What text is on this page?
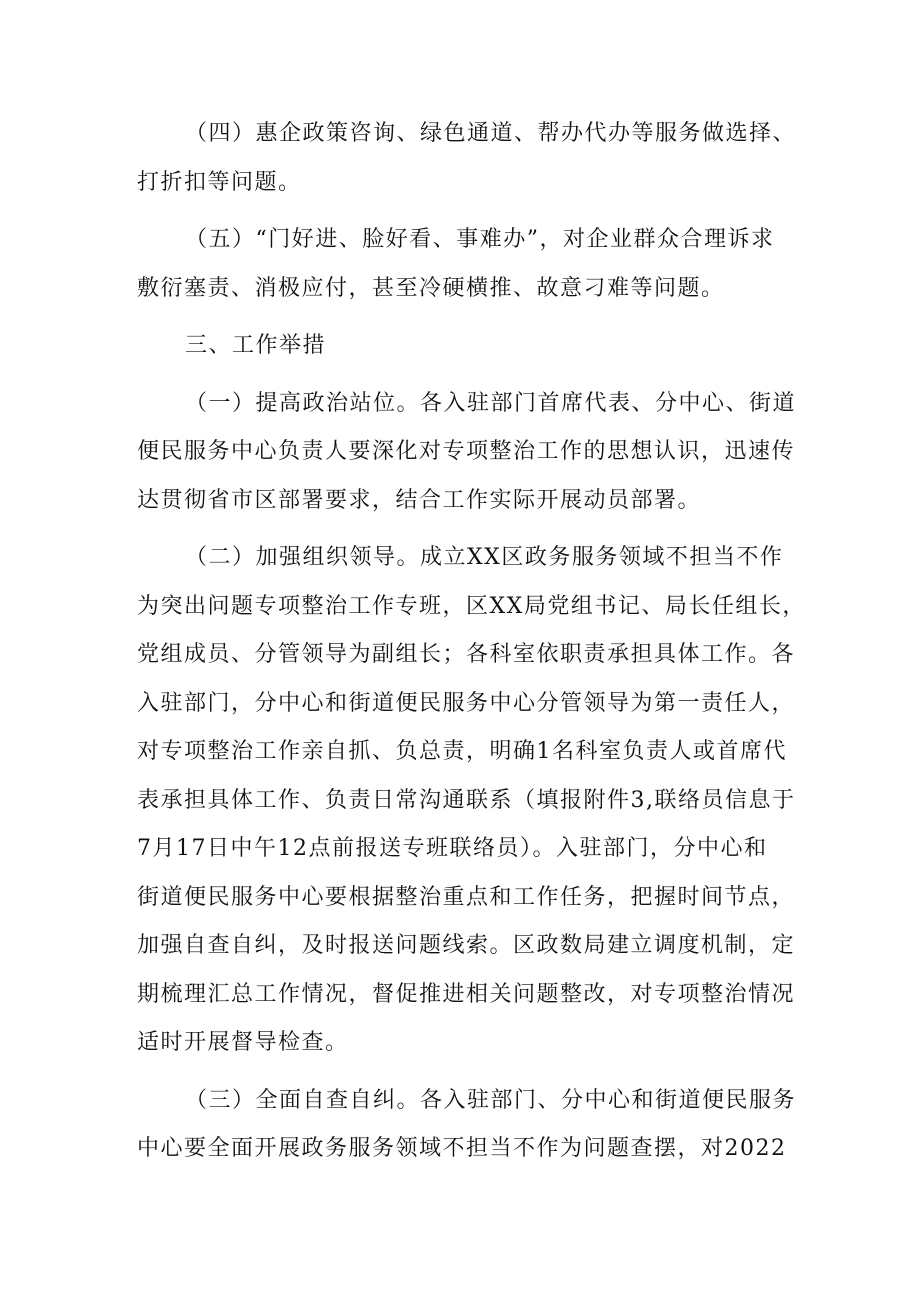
（四）惠企政策咨询、绿色通道、帮办代办等服务做选择、
打折扣等问题。

（五）“门好进、脸好看、事难办”，对企业群众合理诉求
敷衍塞责、消极应付，甚至冷硬横推、故意刁难等问题。

三、工作举措

（一）提高政治站位。各入驻部门首席代表、分中心、街道
便民服务中心负责人要深化对专项整治工作的思想认识，迅速传
达贯彻省市区部署要求，结合工作实际开展动员部署。

（二）加强组织领导。成立XX区政务服务领域不担当不作
为突出问题专项整治工作专班，区XX局党组书记、局长任组长，
党组成员、分管领导为副组长；各科室依职责承担具体工作。各
入驻部门，分中心和街道便民服务中心分管领导为第一责任人，
对专项整治工作亲自抓、负总责，明确1名科室负责人或首席代
表承担具体工作、负责日常沟通联系（填报附件3,联络员信息于
7月17日中午12点前报送专班联络员）。入驻部门，分中心和
街道便民服务中心要根据整治重点和工作任务，把握时间节点，
加强自查自纠，及时报送问题线索。区政数局建立调度机制，定
期梳理汇总工作情况，督促推进相关问题整改，对专项整治情况
适时开展督导检查。

（三）全面自查自纠。各入驻部门、分中心和街道便民服务
中心要全面开展政务服务领域不担当不作为问题查摆，对2022
